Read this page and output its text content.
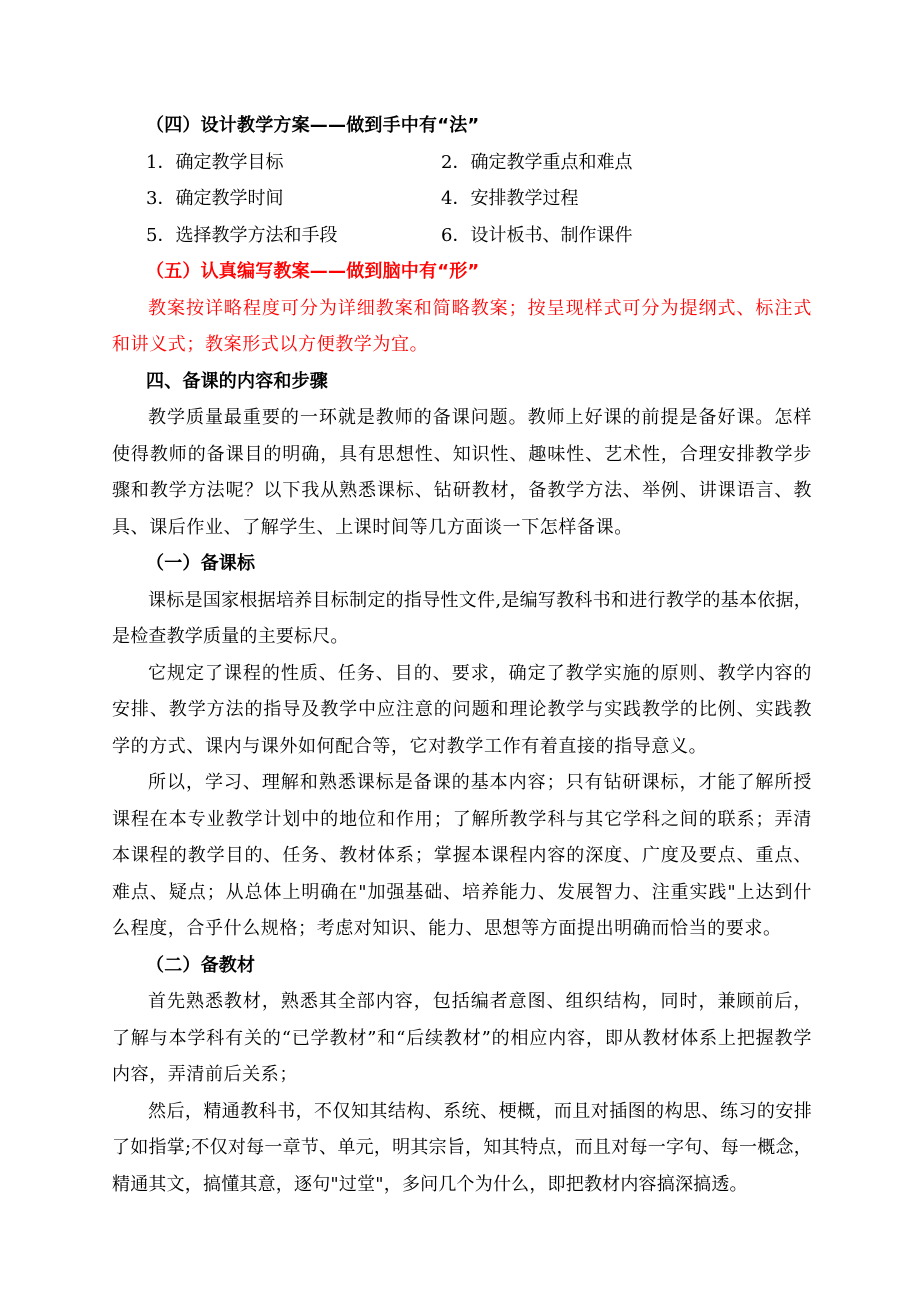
（四）设计教学方案——做到手中有“法”
1．确定教学目标	2．确定教学重点和难点
3．确定教学时间	4．安排教学过程
5．选择教学方法和手段	6．设计板书、制作课件
（五）认真编写教案——做到脑中有“形”
教案按详略程度可分为详细教案和简略教案；按呈现样式可分为提纲式、标注式和讲义式；教案形式以方便教学为宜。
四、备课的内容和步骤
教学质量最重要的一环就是教师的备课问题。教师上好课的前提是备好课。怎样使得教师的备课目的明确，具有思想性、知识性、趣味性、艺术性，合理安排教学步骤和教学方法呢？以下我从熟悉课标、钻研教材，备教学方法、举例、讲课语言、教具、课后作业、了解学生、上课时间等几方面谈一下怎样备课。
（一）备课标
课标是国家根据培养目标制定的指导性文件,是编写教科书和进行教学的基本依据，是检查教学质量的主要标尺。
它规定了课程的性质、任务、目的、要求，确定了教学实施的原则、教学内容的安排、教学方法的指导及教学中应注意的问题和理论教学与实践教学的比例、实践教学的方式、课内与课外如何配合等，它对教学工作有着直接的指导意义。
所以，学习、理解和熟悉课标是备课的基本内容；只有钻研课标，才能了解所授课程在本专业教学计划中的地位和作用；了解所教学科与其它学科之间的联系；弄清本课程的教学目的、任务、教材体系；掌握本课程内容的深度、广度及要点、重点、难点、疑点；从总体上明确在"加强基础、培养能力、发展智力、注重实践"上达到什么程度，合乎什么规格；考虑对知识、能力、思想等方面提出明确而恰当的要求。
（二）备教材
首先熟悉教材，熟悉其全部内容，包括编者意图、组织结构，同时，兼顾前后，了解与本学科有关的“已学教材”和“后续教材”的相应内容，即从教材体系上把握教学内容，弄清前后关系；
然后，精通教科书，不仅知其结构、系统、梗概，而且对插图的构思、练习的安排了如指掌;不仅对每一章节、单元，明其宗旨，知其特点，而且对每一字句、每一概念，精通其文，搞懂其意，逐句"过堂"，多问几个为什么，即把教材内容搞深搞透。
